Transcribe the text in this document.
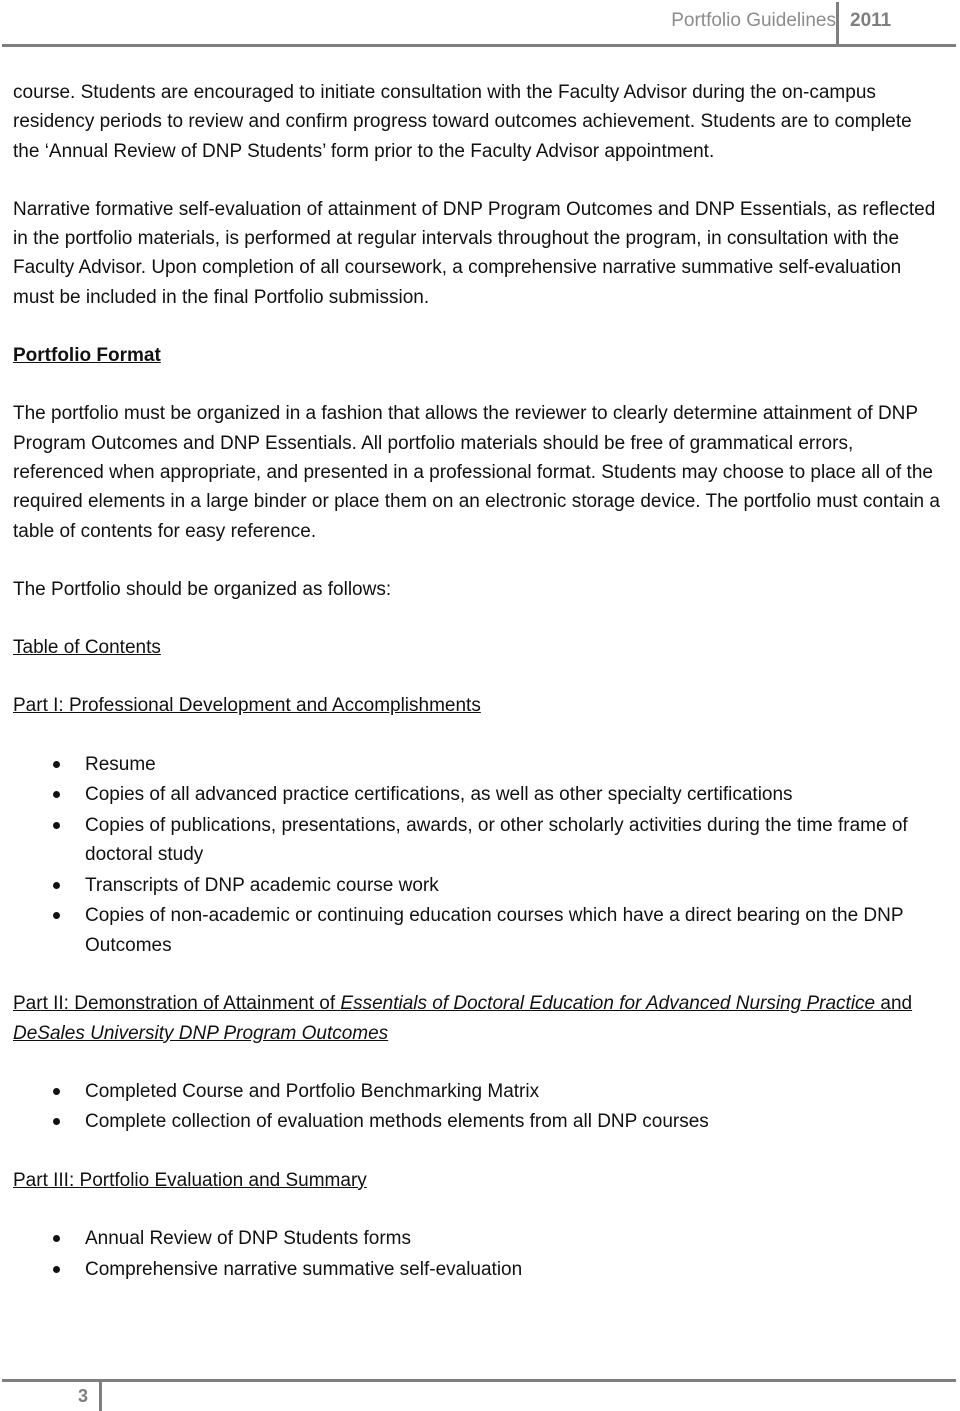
Portfolio Guidelines 2011

course. Students are encouraged to initiate consultation with the Faculty Advisor during the on-campus residency periods to review and confirm progress toward outcomes achievement. Students are to complete the ‘Annual Review of DNP Students’ form prior to the Faculty Advisor appointment.

Narrative formative self-evaluation of attainment of DNP Program Outcomes and DNP Essentials, as reflected in the portfolio materials, is performed at regular intervals throughout the program, in consultation with the Faculty Advisor. Upon completion of all coursework, a comprehensive narrative summative self-evaluation must be included in the final Portfolio submission.

Portfolio Format

The portfolio must be organized in a fashion that allows the reviewer to clearly determine attainment of DNP Program Outcomes and DNP Essentials. All portfolio materials should be free of grammatical errors, referenced when appropriate, and presented in a professional format. Students may choose to place all of the required elements in a large binder or place them on an electronic storage device. The portfolio must contain a table of contents for easy reference.

The Portfolio should be organized as follows:

Table of Contents

Part I: Professional Development and Accomplishments

Resume
Copies of all advanced practice certifications, as well as other specialty certifications
Copies of publications, presentations, awards, or other scholarly activities during the time frame of doctoral study
Transcripts of DNP academic course work
Copies of non-academic or continuing education courses which have a direct bearing on the DNP Outcomes

Part II: Demonstration of Attainment of Essentials of Doctoral Education for Advanced Nursing Practice and DeSales University DNP Program Outcomes

Completed Course and Portfolio Benchmarking Matrix
Complete collection of evaluation methods elements from all DNP courses

Part III: Portfolio Evaluation and Summary

Annual Review of DNP Students forms
Comprehensive narrative summative self-evaluation
3
